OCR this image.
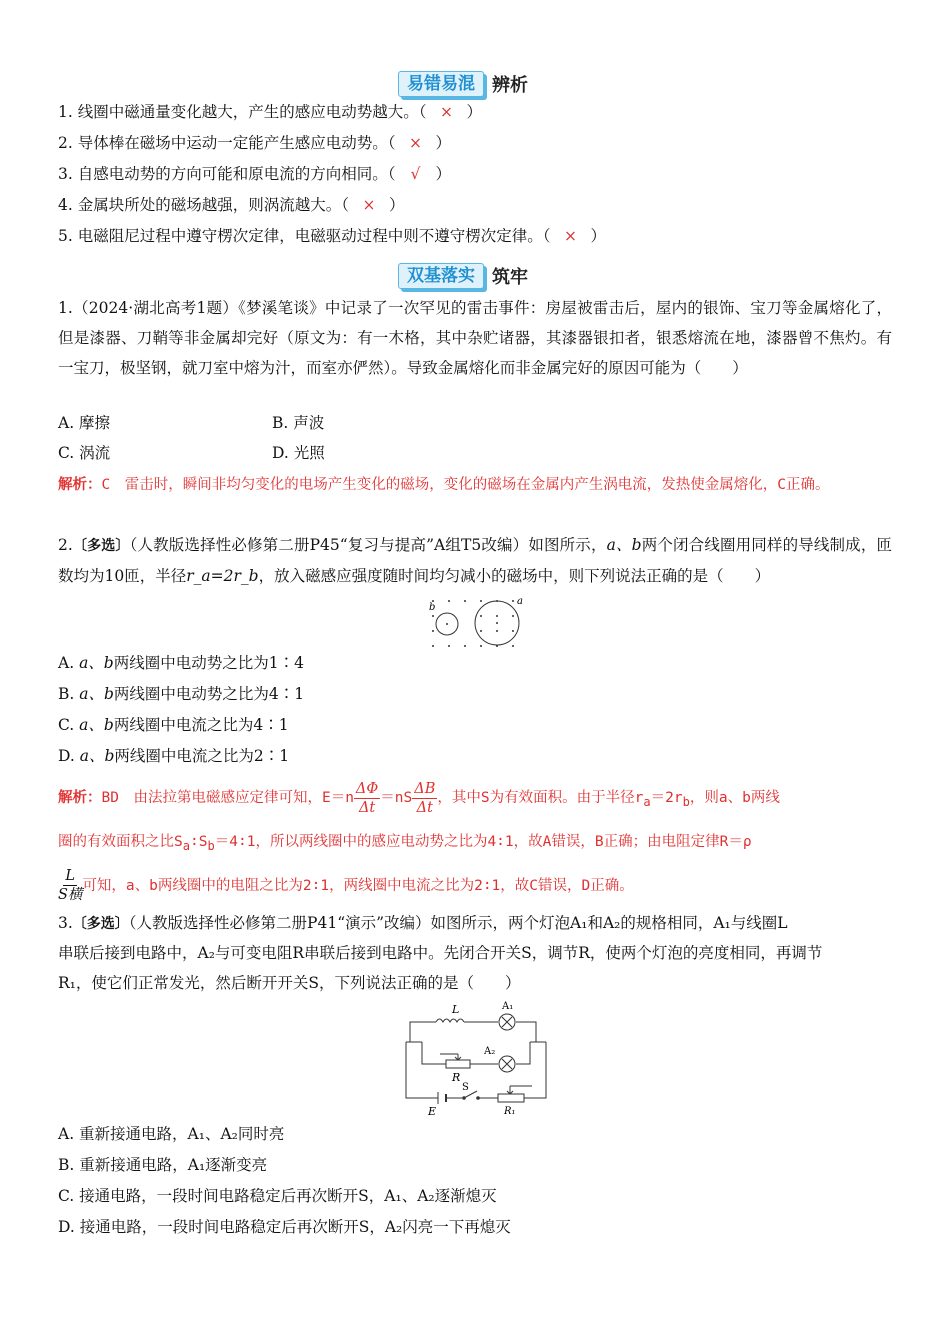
易错易混 辨析
1. 线圈中磁通量变化越大，产生的感应电动势越大。（ × ）
2. 导体棒在磁场中运动一定能产生感应电动势。（ × ）
3. 自感电动势的方向可能和原电流的方向相同。（ √ ）
4. 金属块所处的磁场越强，则涡流越大。（ × ）
5. 电磁阻尼过程中遵守楞次定律，电磁驱动过程中则不遵守楞次定律。（ × ）
双基落实 筑牢
1.（2024·湖北高考1题）《梦溪笔谈》中记录了一次罕见的雷击事件：房屋被雷击后，屋内的银饰、宝刀等金属熔化了，但是漆器、刀鞘等非金属却完好（原文为：有一木格，其中杂贮诸器，其漆器银扣者，银悉熔流在地，漆器曾不焦灼。有一宝刀，极坚钢，就刀室中熔为汁，而室亦俨然）。导致金属熔化而非金属完好的原因可能为（　　）
A. 摩擦	B. 声波
C. 涡流	D. 光照
解析：C　雷击时，瞬间非均匀变化的电场产生变化的磁场，变化的磁场在金属内产生涡电流，发热使金属熔化，C正确。
2.〔多选〕（人教版选择性必修第二册P45“复习与提高”A组T5改编）如图所示，a、b两个闭合线圈用同样的导线制成，匝数均为10匝，半径r_a=2r_b，放入磁感应强度随时间均匀减小的磁场中，则下列说法正确的是（　　）
b
a
A. a、b两线圈中电动势之比为1∶4
B. a、b两线圈中电动势之比为4∶1
C. a、b两线圈中电流之比为4∶1
D. a、b两线圈中电流之比为2∶1
解析：BD　由法拉第电磁感应定律可知，$E=n \frac{\Delta\Phi}{\Delta t} =nS \frac{\Delta B}{\Delta t}$ ，其中S为有效面积。由于半径$r_a=2r_b$，则a、b两线
圈的有效面积之比$S_a∶S_b=4∶1$，所以两线圈中的感应电动势之比为4∶1，故A错误，B正确；由电阻定律R＝ρ

$\frac{L}{\text{S横}}$ 可知，a、b两线圈中的电阻之比为2∶1，两线圈中电流之比为2∶1，故C错误，D正确。
3.〔多选〕（人教版选择性必修第二册P41“演示”改编）如图所示，两个灯泡A₁和A₂的规格相同，A₁与线圈L
串联后接到电路中，A₂与可变电阻R串联后接到电路中。先闭合开关S，调节R，使两个灯泡的亮度相同，再调节
R₁，使它们正常发光，然后断开开关S，下列说法正确的是（　　）
L	A₁
A₂
R
E
S
R₁
A. 重新接通电路，A₁、A₂同时亮
B. 重新接通电路，A₁逐渐变亮
C. 接通电路，一段时间电路稳定后再次断开S，A₁、A₂逐渐熄灭
D. 接通电路，一段时间电路稳定后再次断开S，A₂闪亮一下再熄灭
